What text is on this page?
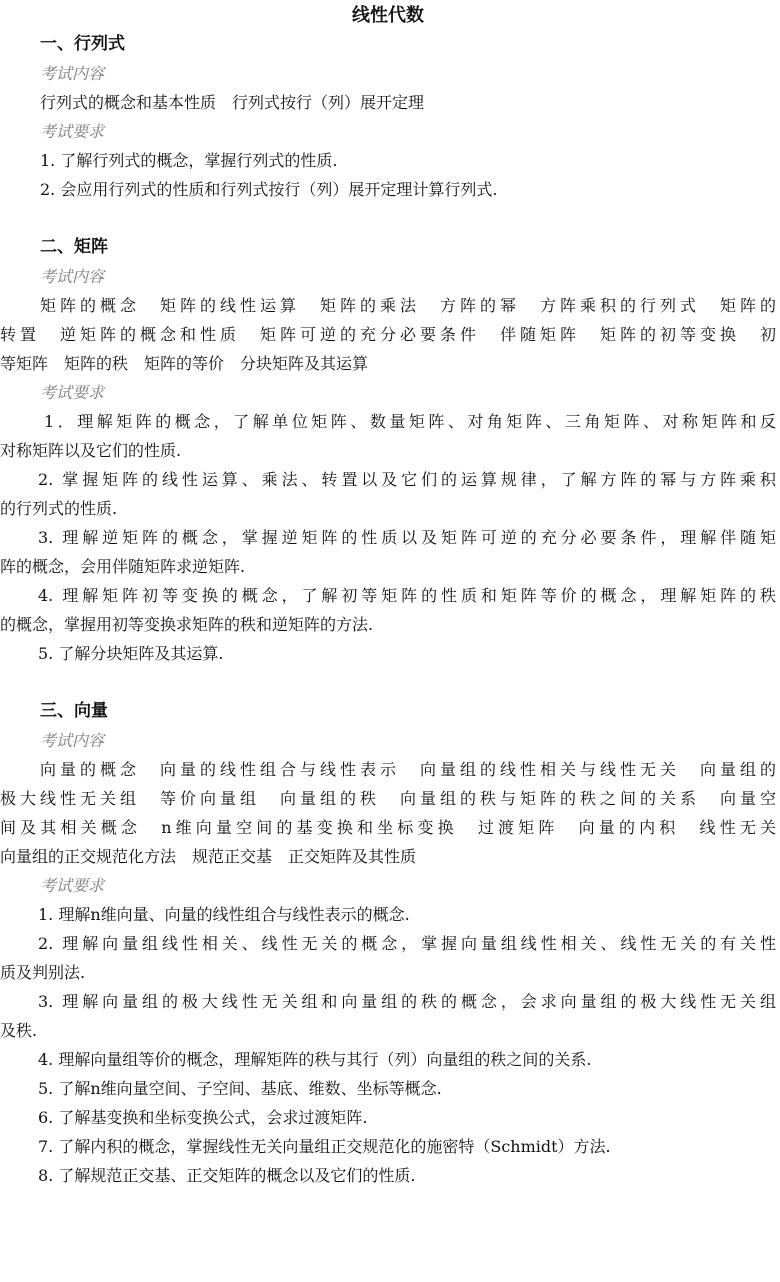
线性代数
一、行列式
考试内容
行列式的概念和基本性质　行列式按行（列）展开定理
考试要求
1. 了解行列式的概念，掌握行列式的性质.
2. 会应用行列式的性质和行列式按行（列）展开定理计算行列式.
二、矩阵
考试内容
矩阵的概念　矩阵的线性运算　矩阵的乘法　方阵的幂　方阵乘积的行列式　矩阵的
转置　逆矩阵的概念和性质　矩阵可逆的充分必要条件　伴随矩阵　矩阵的初等变换　初
等矩阵　矩阵的秩　矩阵的等价　分块矩阵及其运算
考试要求
1．理解矩阵的概念，了解单位矩阵、数量矩阵、对角矩阵、三角矩阵、对称矩阵和反
对称矩阵以及它们的性质.
2. 掌握矩阵的线性运算、乘法、转置以及它们的运算规律，了解方阵的幂与方阵乘积
的行列式的性质.
3. 理解逆矩阵的概念，掌握逆矩阵的性质以及矩阵可逆的充分必要条件，理解伴随矩
阵的概念，会用伴随矩阵求逆矩阵.
4. 理解矩阵初等变换的概念，了解初等矩阵的性质和矩阵等价的概念，理解矩阵的秩
的概念，掌握用初等变换求矩阵的秩和逆矩阵的方法.
5. 了解分块矩阵及其运算.
三、向量
考试内容
向量的概念　向量的线性组合与线性表示　向量组的线性相关与线性无关　向量组的
极大线性无关组　等价向量组　向量组的秩　向量组的秩与矩阵的秩之间的关系　向量空
间及其相关概念　n维向量空间的基变换和坐标变换　过渡矩阵　向量的内积　线性无关
向量组的正交规范化方法　规范正交基　正交矩阵及其性质
考试要求
1. 理解n维向量、向量的线性组合与线性表示的概念.
2. 理解向量组线性相关、线性无关的概念，掌握向量组线性相关、线性无关的有关性
质及判别法.
3. 理解向量组的极大线性无关组和向量组的秩的概念，会求向量组的极大线性无关组
及秩.
4. 理解向量组等价的概念，理解矩阵的秩与其行（列）向量组的秩之间的关系.
5. 了解n维向量空间、子空间、基底、维数、坐标等概念.
6. 了解基变换和坐标变换公式，会求过渡矩阵.
7. 了解内积的概念，掌握线性无关向量组正交规范化的施密特（Schmidt）方法.
8. 了解规范正交基、正交矩阵的概念以及它们的性质.
